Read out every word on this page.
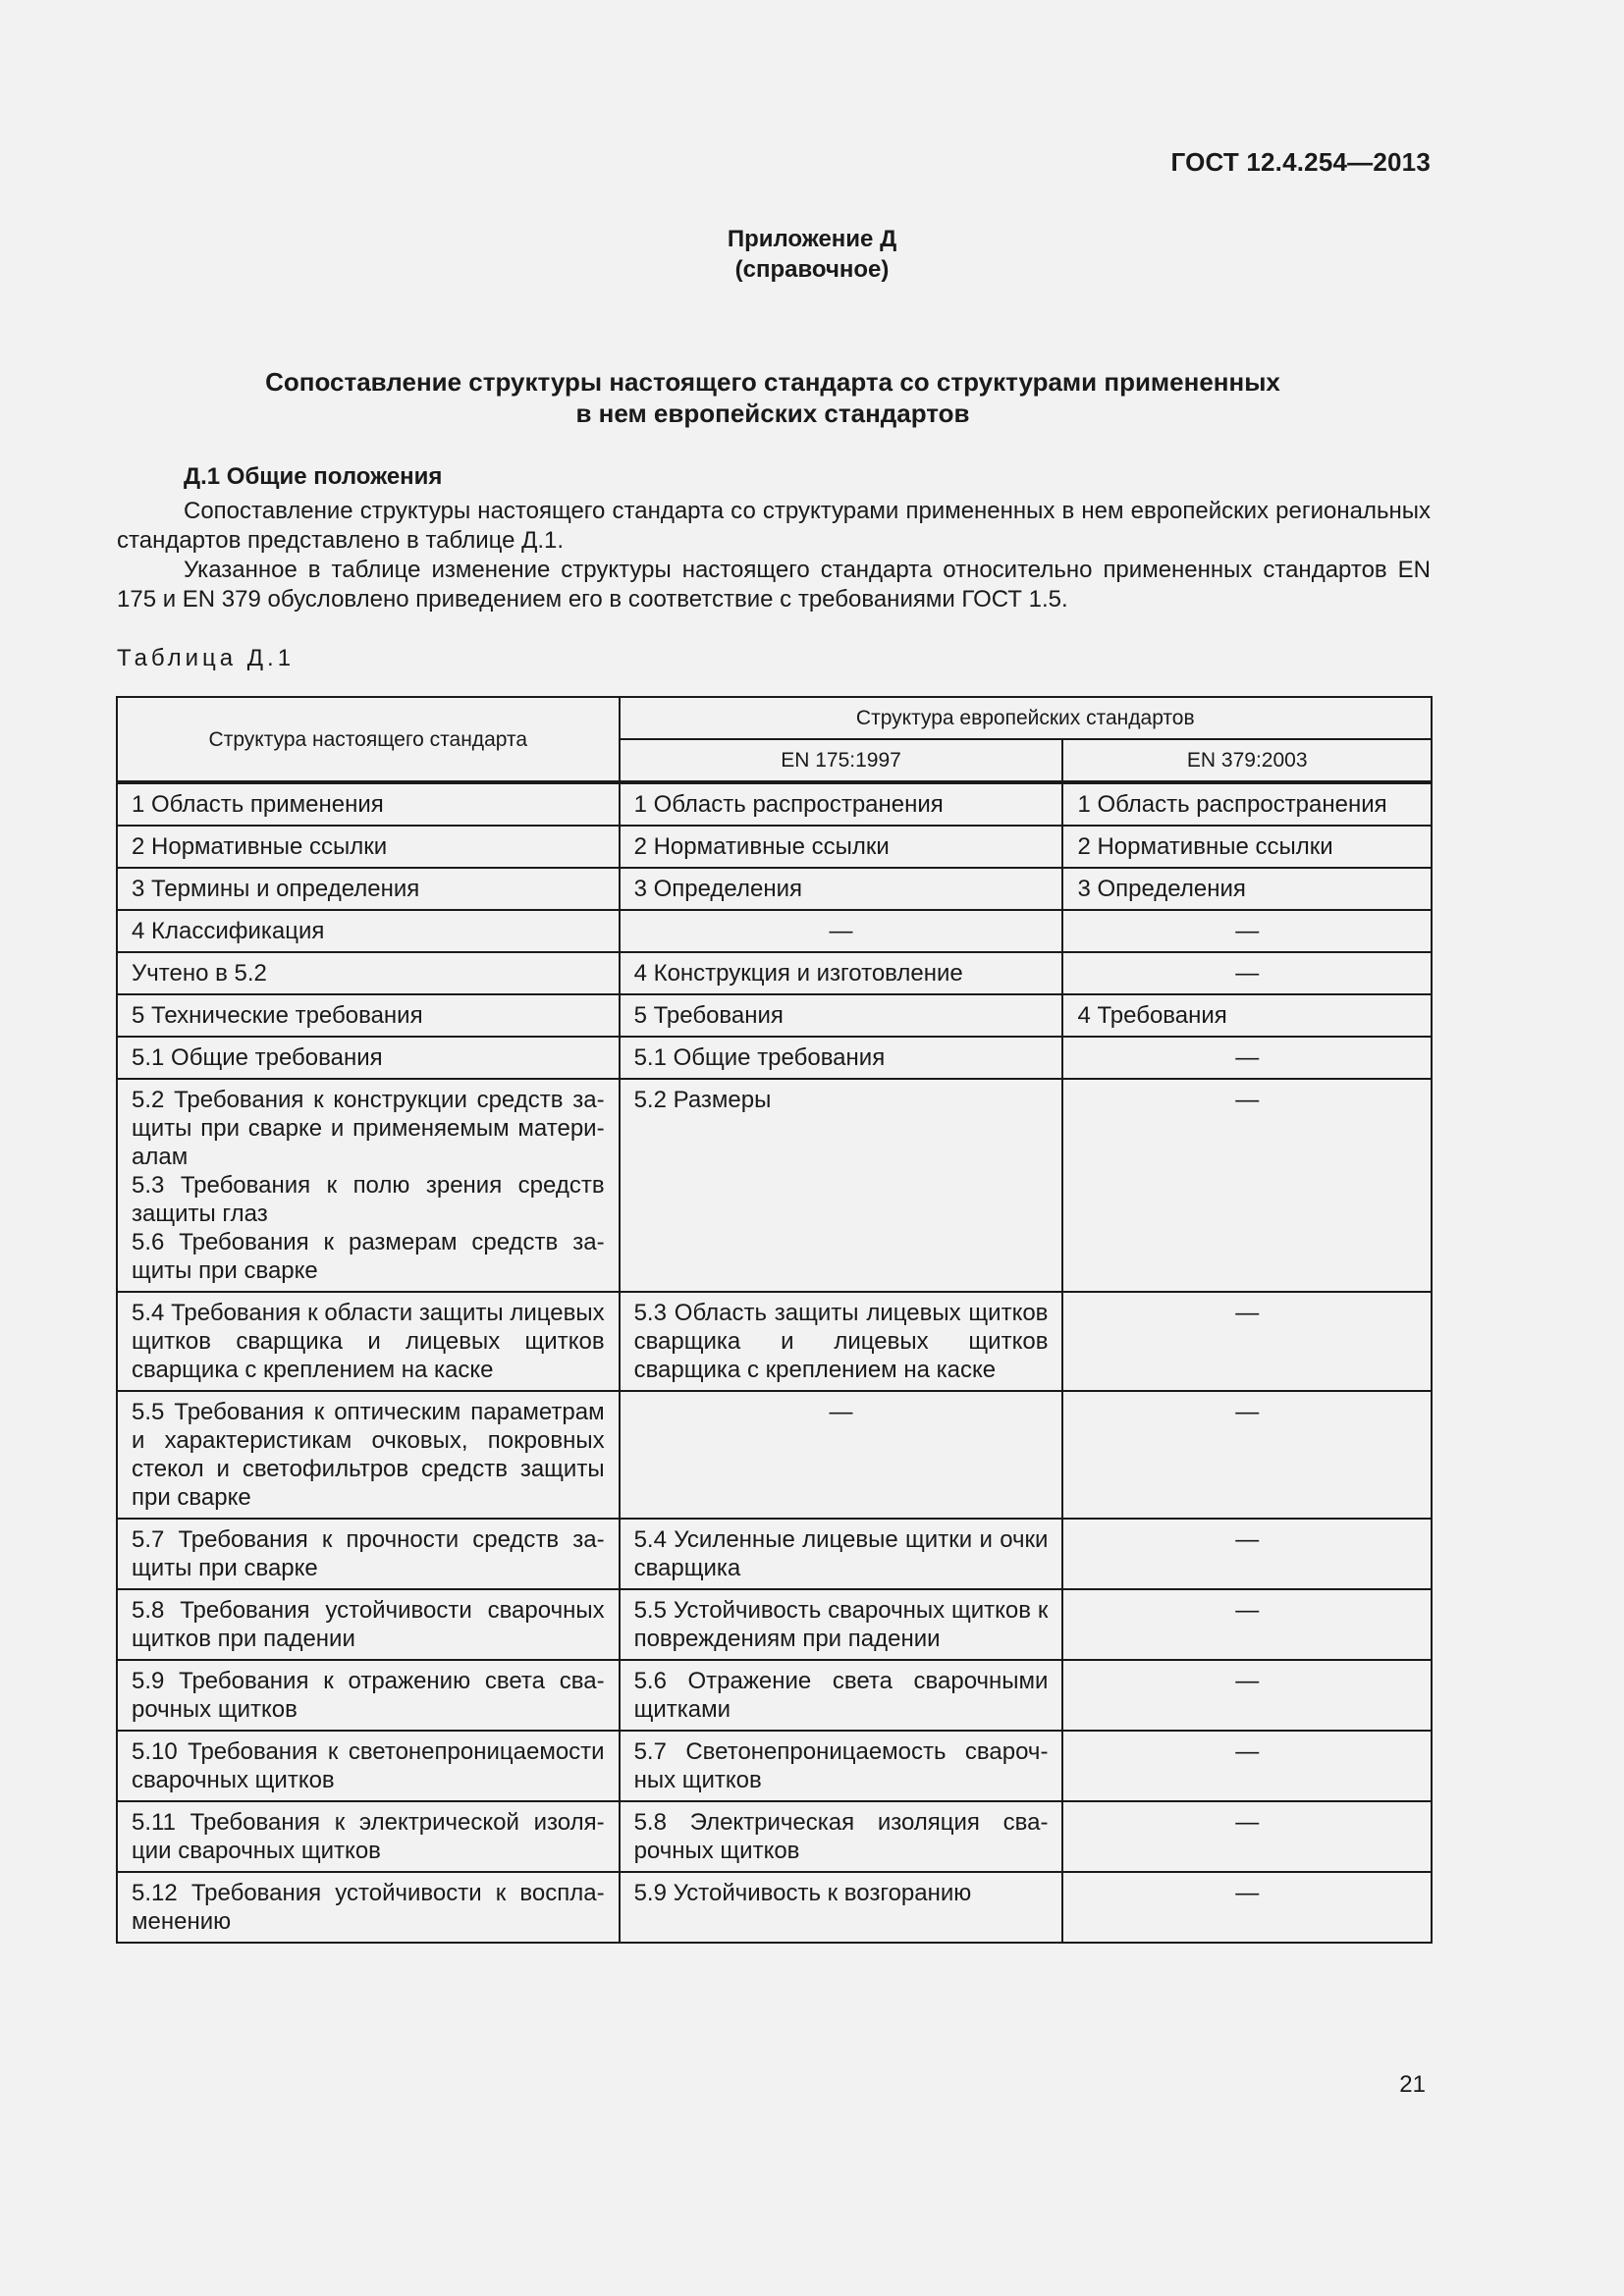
ГОСТ 12.4.254—2013
Приложение Д
(справочное)
Сопоставление структуры настоящего стандарта со структурами примененных
в нем европейских стандартов
Д.1 Общие положения
Сопоставление структуры настоящего стандарта со структурами примененных в нем европейских региональных стандартов представлено в таблице Д.1.
Указанное в таблице изменение структуры настоящего стандарта относительно примененных стандартов EN 175 и EN 379 обусловлено приведением его в соответствие с требованиями ГОСТ 1.5.
Таблица Д.1
Структура настоящего стандарта	Структура европейских стандартов	
	EN 175:1997	EN 379:2003
1 Область применения	1 Область распространения	1 Область распространения
2 Нормативные ссылки	2 Нормативные ссылки	2 Нормативные ссылки
3 Термины и определения	3 Определения	3 Определения
4 Классификация	—	—
Учтено в 5.2	4 Конструкция и изготовление	—
5 Технические требования	5 Требования	4 Требования
5.1 Общие требования	5.1 Общие требования	—
5.2 Требования к конструкции средств защиты при сварке и применяемым материалам
5.3 Требования к полю зрения средств защиты глаз
5.6 Требования к размерам средств защиты при сварке	5.2 Размеры	—
5.4 Требования к области защиты лицевых щитков сварщика и лицевых щитков сварщика с креплением на каске	5.3 Область защиты лицевых щитков сварщика и лицевых щитков сварщика с креплением на каске	—
5.5 Требования к оптическим параметрам и характеристикам очковых, покровных стекол и светофильтров средств защиты при сварке	—	—
5.7 Требования к прочности средств защиты при сварке	5.4 Усиленные лицевые щитки и очки сварщика	—
5.8 Требования устойчивости сварочных щитков при падении	5.5 Устойчивость сварочных щитков к повреждениям при падении	—
5.9 Требования к отражению света сварочных щитков	5.6 Отражение света сварочными щитками	—
5.10 Требования к светонепроницаемости сварочных щитков	5.7 Светонепроницаемость сварочных щитков	—
5.11 Требования к электрической изоляции сварочных щитков	5.8 Электрическая изоляция сварочных щитков	—
5.12 Требования устойчивости к воспламенению	5.9 Устойчивость к возгоранию	—
21
